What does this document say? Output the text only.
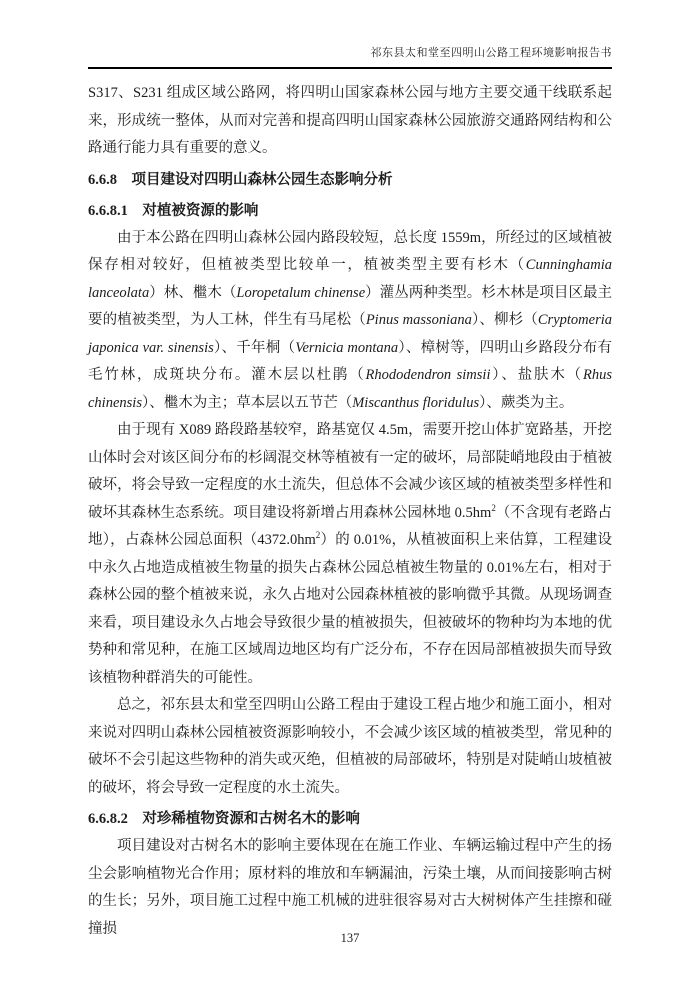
祁东县太和堂至四明山公路工程环境影响报告书

S317、S231 组成区域公路网，将四明山国家森林公园与地方主要交通干线联系起来，形成统一整体，从而对完善和提高四明山国家森林公园旅游交通路网结构和公路通行能力具有重要的意义。

6.6.8　项目建设对四明山森林公园生态影响分析

6.6.8.1　对植被资源的影响

由于本公路在四明山森林公园内路段较短，总长度 1559m，所经过的区域植被保存相对较好，但植被类型比较单一，植被类型主要有杉木（Cunninghamia lanceolata）林、檵木（Loropetalum chinense）灌丛两种类型。杉木林是项目区最主要的植被类型，为人工林，伴生有马尾松（Pinus massoniana）、柳杉（Cryptomeria japonica var. sinensis）、千年桐（Vernicia montana）、樟树等，四明山乡路段分布有毛竹林，成斑块分布。灌木层以杜鹃（Rhododendron simsii）、盐肤木（Rhus chinensis）、檵木为主；草本层以五节芒（Miscanthus floridulus）、蕨类为主。

由于现有 X089 路段路基较窄，路基宽仅 4.5m，需要开挖山体扩宽路基，开挖山体时会对该区间分布的杉阔混交林等植被有一定的破坏，局部陡峭地段由于植被破坏，将会导致一定程度的水土流失，但总体不会减少该区域的植被类型多样性和破坏其森林生态系统。项目建设将新增占用森林公园林地 $0.5hm^2$（不含现有老路占地），占森林公园总面积$(4372.0hm^2)$的 0.01%，从植被面积上来估算，工程建设中永久占地造成植被生物量的损失占森林公园总植被生物量的 0.01%左右，相对于森林公园的整个植被来说，永久占地对公园森林植被的影响微乎其微。从现场调查来看，项目建设永久占地会导致很少量的植被损失，但被破坏的物种均为本地的优势种和常见种，在施工区域周边地区均有广泛分布，不存在因局部植被损失而导致该植物种群消失的可能性。

总之，祁东县太和堂至四明山公路工程由于建设工程占地少和施工面小，相对来说对四明山森林公园植被资源影响较小，不会减少该区域的植被类型，常见种的破坏不会引起这些物种的消失或灭绝，但植被的局部破坏，特别是对陡峭山坡植被的破坏，将会导致一定程度的水土流失。

6.6.8.2　对珍稀植物资源和古树名木的影响

项目建设对古树名木的影响主要体现在在施工作业、车辆运输过程中产生的扬尘会影响植物光合作用；原材料的堆放和车辆漏油，污染土壤，从而间接影响古树的生长；另外，项目施工过程中施工机械的进驻很容易对古大树树体产生挂擦和碰撞损

137
